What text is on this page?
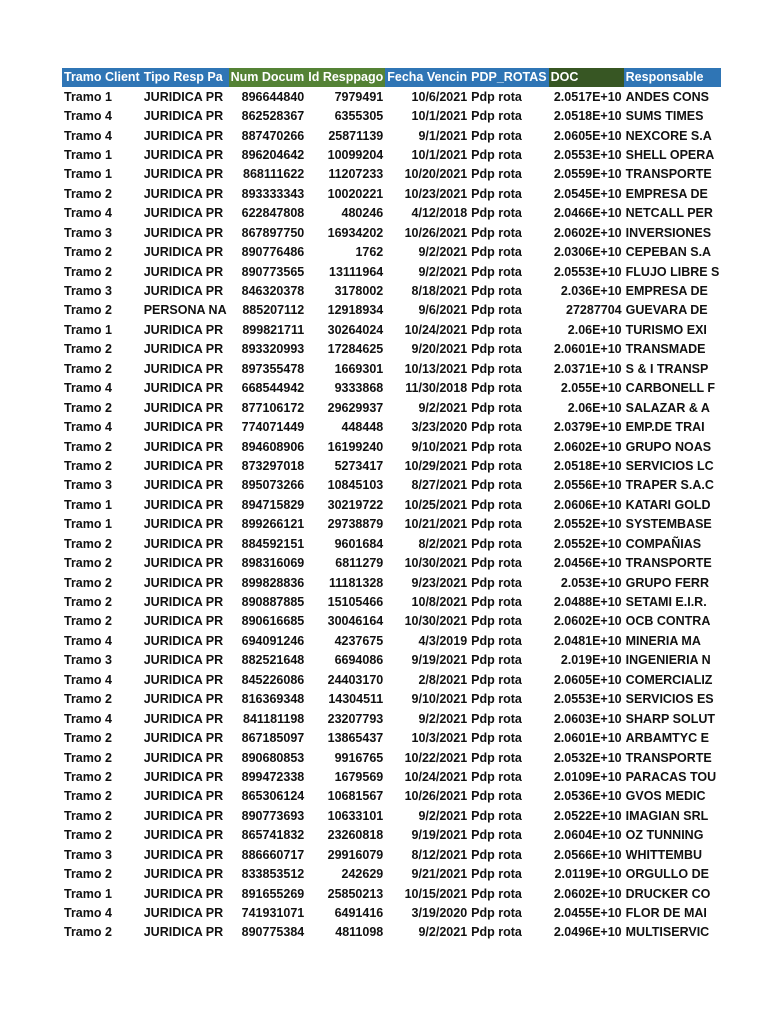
Tramo Client	Tipo Resp Pa	Num Docum	Id Resppago	Fecha Vencin	PDP_ROTAS	DOC	Responsable
Tramo 1	JURIDICA PR	896644840	7979491	10/6/2021	Pdp rota	2.0517E+10	ANDES CONS
Tramo 4	JURIDICA PR	862528367	6355305	10/1/2021	Pdp rota	2.0518E+10	SUMS TIMES
Tramo 4	JURIDICA PR	887470266	25871139	9/1/2021	Pdp rota	2.0605E+10	NEXCORE S.A
Tramo 1	JURIDICA PR	896204642	10099204	10/1/2021	Pdp rota	2.0553E+10	SHELL OPERA
Tramo 1	JURIDICA PR	868111622	11207233	10/20/2021	Pdp rota	2.0559E+10	TRANSPORTE
Tramo 2	JURIDICA PR	893333343	10020221	10/23/2021	Pdp rota	2.0545E+10	EMPRESA DE
Tramo 4	JURIDICA PR	622847808	480246	4/12/2018	Pdp rota	2.0466E+10	NETCALL PER
Tramo 3	JURIDICA PR	867897750	16934202	10/26/2021	Pdp rota	2.0602E+10	INVERSIONES
Tramo 2	JURIDICA PR	890776486	1762	9/2/2021	Pdp rota	2.0306E+10	CEPEBAN S.A
Tramo 2	JURIDICA PR	890773565	13111964	9/2/2021	Pdp rota	2.0553E+10	FLUJO LIBRE S
Tramo 3	JURIDICA PR	846320378	3178002	8/18/2021	Pdp rota	2.036E+10	EMPRESA DE
Tramo 2	PERSONA NA	885207112	12918934	9/6/2021	Pdp rota	27287704	GUEVARA DE
Tramo 1	JURIDICA PR	899821711	30264024	10/24/2021	Pdp rota	2.06E+10	TURISMO EXI
Tramo 2	JURIDICA PR	893320993	17284625	9/20/2021	Pdp rota	2.0601E+10	TRANSMADE
Tramo 2	JURIDICA PR	897355478	1669301	10/13/2021	Pdp rota	2.0371E+10	S & I TRANSP
Tramo 4	JURIDICA PR	668544942	9333868	11/30/2018	Pdp rota	2.055E+10	CARBONELL F
Tramo 2	JURIDICA PR	877106172	29629937	9/2/2021	Pdp rota	2.06E+10	SALAZAR & A
Tramo 4	JURIDICA PR	774071449	448448	3/23/2020	Pdp rota	2.0379E+10	EMP.DE TRAI
Tramo 2	JURIDICA PR	894608906	16199240	9/10/2021	Pdp rota	2.0602E+10	GRUPO NOAS
Tramo 2	JURIDICA PR	873297018	5273417	10/29/2021	Pdp rota	2.0518E+10	SERVICIOS LC
Tramo 3	JURIDICA PR	895073266	10845103	8/27/2021	Pdp rota	2.0556E+10	TRAPER S.A.C
Tramo 1	JURIDICA PR	894715829	30219722	10/25/2021	Pdp rota	2.0606E+10	KATARI GOLD
Tramo 1	JURIDICA PR	899266121	29738879	10/21/2021	Pdp rota	2.0552E+10	SYSTEMBASE
Tramo 2	JURIDICA PR	884592151	9601684	8/2/2021	Pdp rota	2.0552E+10	COMPAÑIAS
Tramo 2	JURIDICA PR	898316069	6811279	10/30/2021	Pdp rota	2.0456E+10	TRANSPORTE
Tramo 2	JURIDICA PR	899828836	11181328	9/23/2021	Pdp rota	2.053E+10	GRUPO FERR
Tramo 2	JURIDICA PR	890887885	15105466	10/8/2021	Pdp rota	2.0488E+10	SETAMI E.I.R.
Tramo 2	JURIDICA PR	890616685	30046164	10/30/2021	Pdp rota	2.0602E+10	OCB CONTRA
Tramo 4	JURIDICA PR	694091246	4237675	4/3/2019	Pdp rota	2.0481E+10	MINERIA MA
Tramo 3	JURIDICA PR	882521648	6694086	9/19/2021	Pdp rota	2.019E+10	INGENIERIA N
Tramo 4	JURIDICA PR	845226086	24403170	2/8/2021	Pdp rota	2.0605E+10	COMERCIALIZ
Tramo 2	JURIDICA PR	816369348	14304511	9/10/2021	Pdp rota	2.0553E+10	SERVICIOS ES
Tramo 4	JURIDICA PR	841181198	23207793	9/2/2021	Pdp rota	2.0603E+10	SHARP SOLUT
Tramo 2	JURIDICA PR	867185097	13865437	10/3/2021	Pdp rota	2.0601E+10	ARBAMTYC E
Tramo 2	JURIDICA PR	890680853	9916765	10/22/2021	Pdp rota	2.0532E+10	TRANSPORTE
Tramo 2	JURIDICA PR	899472338	1679569	10/24/2021	Pdp rota	2.0109E+10	PARACAS TOU
Tramo 2	JURIDICA PR	865306124	10681567	10/26/2021	Pdp rota	2.0536E+10	GVOS MEDIC
Tramo 2	JURIDICA PR	890773693	10633101	9/2/2021	Pdp rota	2.0522E+10	IMAGIAN SRL
Tramo 2	JURIDICA PR	865741832	23260818	9/19/2021	Pdp rota	2.0604E+10	OZ TUNNING
Tramo 3	JURIDICA PR	886660717	29916079	8/12/2021	Pdp rota	2.0566E+10	WHITTEMBU
Tramo 2	JURIDICA PR	833853512	242629	9/21/2021	Pdp rota	2.0119E+10	ORGULLO DE
Tramo 1	JURIDICA PR	891655269	25850213	10/15/2021	Pdp rota	2.0602E+10	DRUCKER CO
Tramo 4	JURIDICA PR	741931071	6491416	3/19/2020	Pdp rota	2.0455E+10	FLOR DE MAI
Tramo 2	JURIDICA PR	890775384	4811098	9/2/2021	Pdp rota	2.0496E+10	MULTISERVIC
